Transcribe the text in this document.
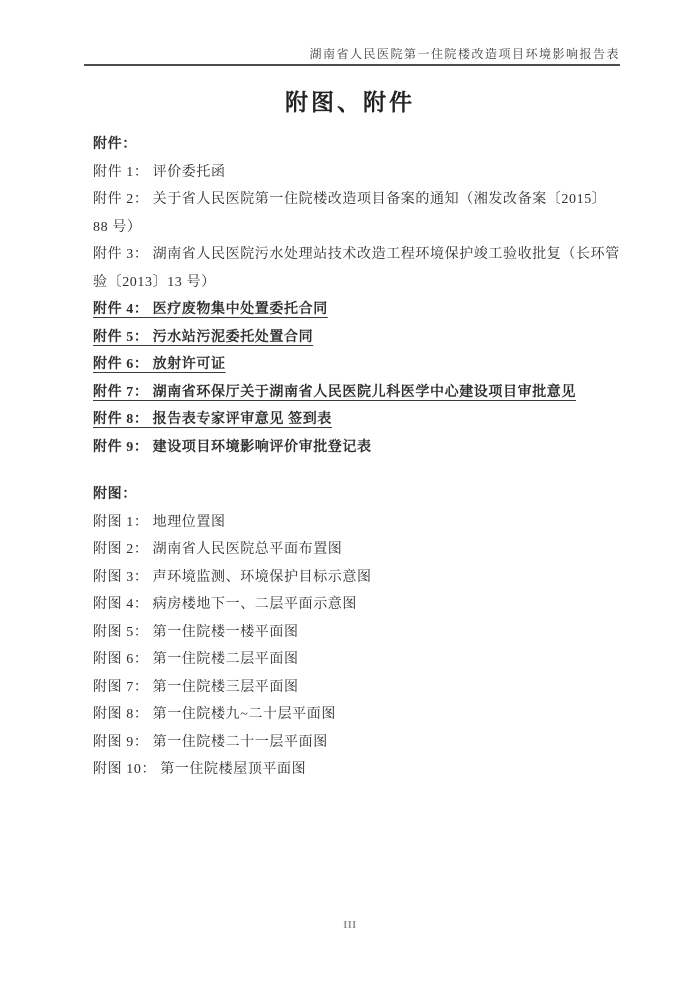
湖南省人民医院第一住院楼改造项目环境影响报告表
附图、附件
附件：
附件 1： 评价委托函
附件 2： 关于省人民医院第一住院楼改造项目备案的通知（湘发改备案〔2015〕88 号）
附件 3： 湖南省人民医院污水处理站技术改造工程环境保护竣工验收批复（长环管验〔2013〕13 号）
附件 4： 医疗废物集中处置委托合同
附件 5： 污水站污泥委托处置合同
附件 6： 放射许可证
附件 7： 湖南省环保厅关于湖南省人民医院儿科医学中心建设项目审批意见
附件 8： 报告表专家评审意见 签到表
附件 9： 建设项目环境影响评价审批登记表
附图：
附图 1： 地理位置图
附图 2： 湖南省人民医院总平面布置图
附图 3： 声环境监测、环境保护目标示意图
附图 4： 病房楼地下一、二层平面示意图
附图 5： 第一住院楼一楼平面图
附图 6： 第一住院楼二层平面图
附图 7： 第一住院楼三层平面图
附图 8： 第一住院楼九~二十层平面图
附图 9： 第一住院楼二十一层平面图
附图 10： 第一住院楼屋顶平面图
III
